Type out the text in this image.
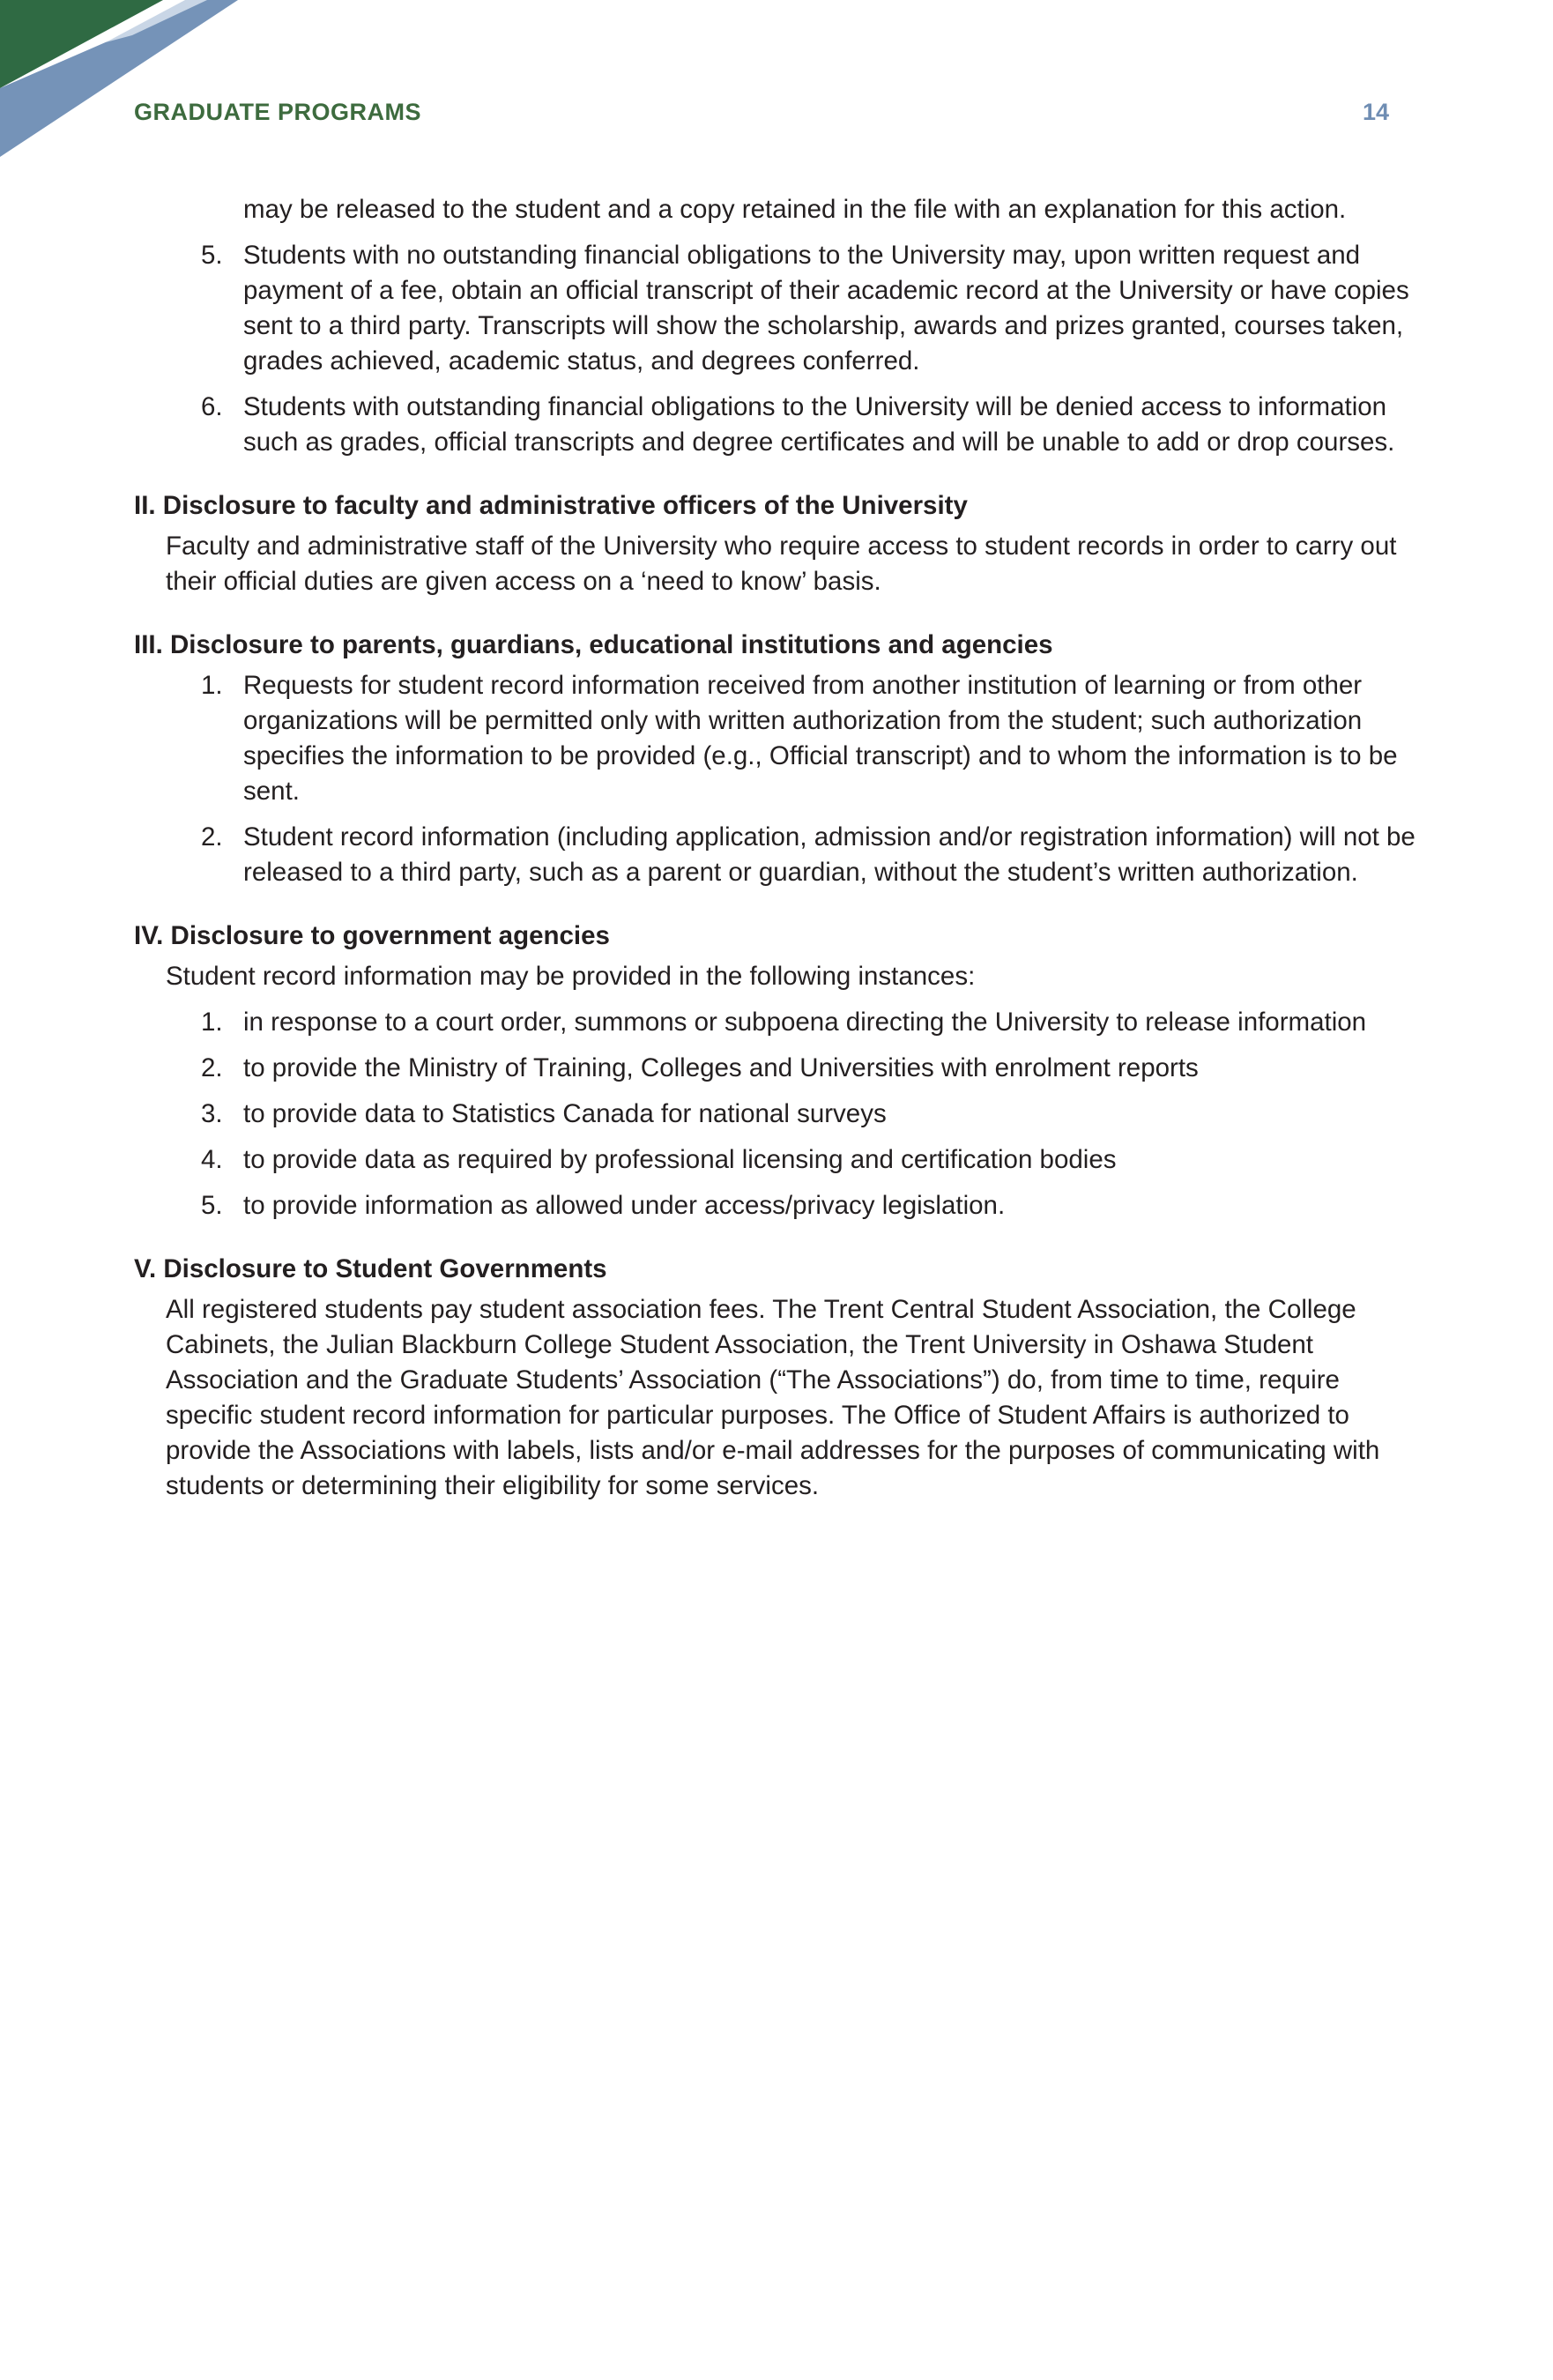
GRADUATE PROGRAMS	14

may be released to the student and a copy retained in the file with an explanation for this action.

5. Students with no outstanding financial obligations to the University may, upon written request and payment of a fee, obtain an official transcript of their academic record at the University or have copies sent to a third party. Transcripts will show the scholarship, awards and prizes granted, courses taken, grades achieved, academic status, and degrees conferred.
6. Students with outstanding financial obligations to the University will be denied access to information such as grades, official transcripts and degree certificates and will be unable to add or drop courses.

II. Disclosure to faculty and administrative officers of the University

Faculty and administrative staff of the University who require access to student records in order to carry out their official duties are given access on a ‘need to know’ basis.

III. Disclosure to parents, guardians, educational institutions and agencies

1. Requests for student record information received from another institution of learning or from other organizations will be permitted only with written authorization from the student; such authorization specifies the information to be provided (e.g., Official transcript) and to whom the information is to be sent.
2. Student record information (including application, admission and/or registration information) will not be released to a third party, such as a parent or guardian, without the student’s written authorization.

IV. Disclosure to government agencies

Student record information may be provided in the following instances:

1. in response to a court order, summons or subpoena directing the University to release information
2. to provide the Ministry of Training, Colleges and Universities with enrolment reports
3. to provide data to Statistics Canada for national surveys
4. to provide data as required by professional licensing and certification bodies
5. to provide information as allowed under access/privacy legislation.

V. Disclosure to Student Governments

All registered students pay student association fees. The Trent Central Student Association, the College Cabinets, the Julian Blackburn College Student Association, the Trent University in Oshawa Student Association and the Graduate Students’ Association (“The Associations”) do, from time to time, require specific student record information for particular purposes. The Office of Student Affairs is authorized to provide the Associations with labels, lists and/or e-mail addresses for the purposes of communicating with students or determining their eligibility for some services.
